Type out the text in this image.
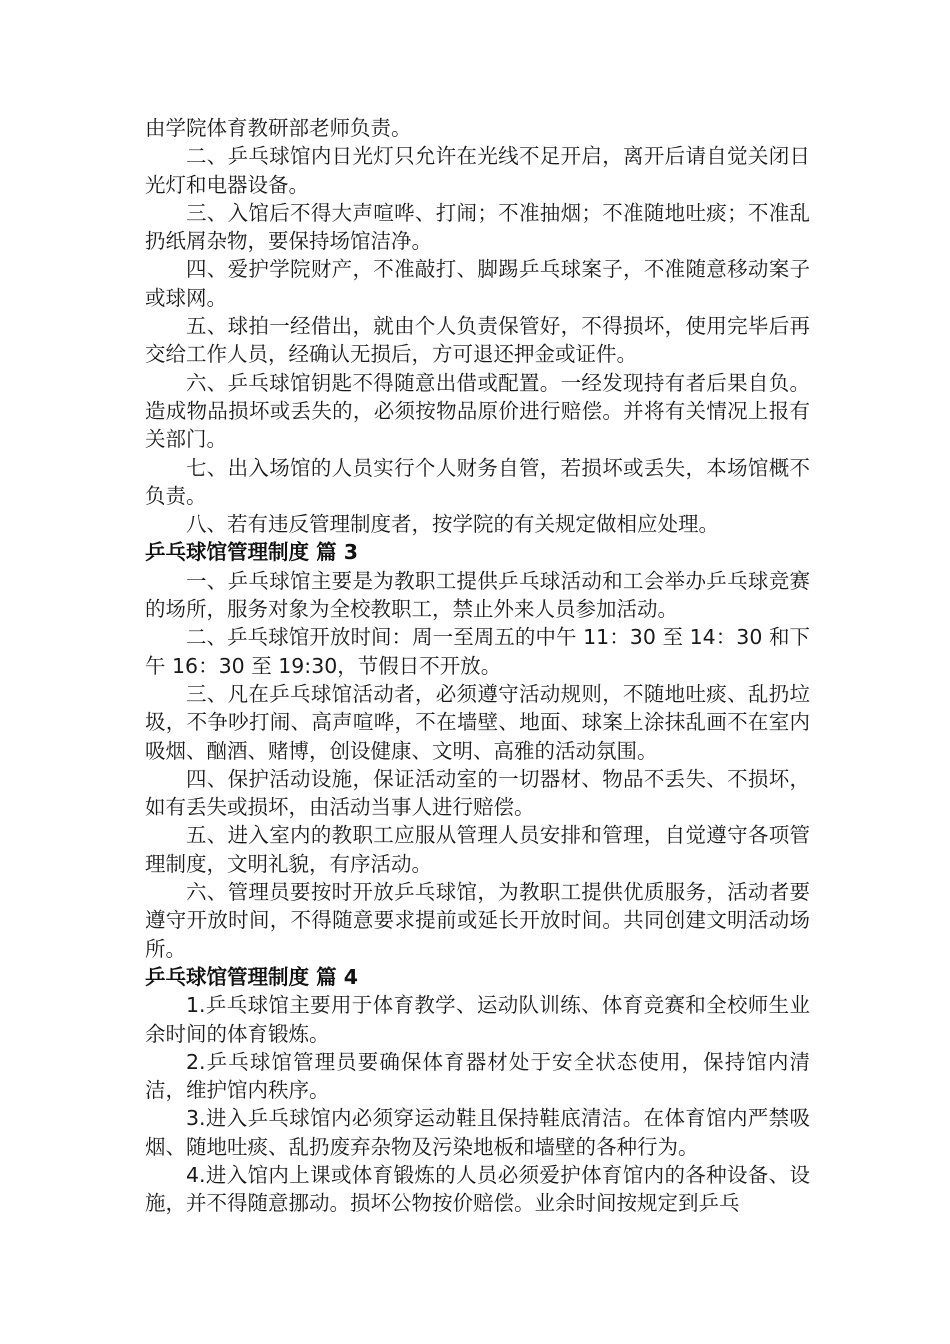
由学院体育教研部老师负责。

二、乒乓球馆内日光灯只允许在光线不足开启，离开后请自觉关闭日光灯和电器设备。

三、入馆后不得大声喧哗、打闹；不准抽烟；不准随地吐痰；不准乱扔纸屑杂物，要保持场馆洁净。

四、爱护学院财产，不准敲打、脚踢乒乓球案子，不准随意移动案子或球网。

五、球拍一经借出，就由个人负责保管好，不得损坏，使用完毕后再交给工作人员，经确认无损后，方可退还押金或证件。

六、乒乓球馆钥匙不得随意出借或配置。一经发现持有者后果自负。造成物品损坏或丢失的，必须按物品原价进行赔偿。并将有关情况上报有关部门。

七、出入场馆的人员实行个人财务自管，若损坏或丢失，本场馆概不负责。

八、若有违反管理制度者，按学院的有关规定做相应处理。

乒乓球馆管理制度 篇 3

一、乒乓球馆主要是为教职工提供乒乓球活动和工会举办乒乓球竞赛的场所，服务对象为全校教职工，禁止外来人员参加活动。

二、乒乓球馆开放时间：周一至周五的中午 11：30 至 14：30 和下午 16：30 至 19:30，节假日不开放。

三、凡在乒乓球馆活动者，必须遵守活动规则，不随地吐痰、乱扔垃圾，不争吵打闹、高声喧哗，不在墙壁、地面、球案上涂抹乱画不在室内吸烟、酗酒、赌博，创设健康、文明、高雅的活动氛围。

四、保护活动设施，保证活动室的一切器材、物品不丢失、不损坏，如有丢失或损坏，由活动当事人进行赔偿。

五、进入室内的教职工应服从管理人员安排和管理，自觉遵守各项管理制度，文明礼貌，有序活动。

六、管理员要按时开放乒乓球馆，为教职工提供优质服务，活动者要遵守开放时间，不得随意要求提前或延长开放时间。共同创建文明活动场所。

乒乓球馆管理制度 篇 4

1.乒乓球馆主要用于体育教学、运动队训练、体育竞赛和全校师生业余时间的体育锻炼。

2.乒乓球馆管理员要确保体育器材处于安全状态使用，保持馆内清洁，维护馆内秩序。

3.进入乒乓球馆内必须穿运动鞋且保持鞋底清洁。在体育馆内严禁吸烟、随地吐痰、乱扔废弃杂物及污染地板和墙壁的各种行为。

4.进入馆内上课或体育锻炼的人员必须爱护体育馆内的各种设备、设施，并不得随意挪动。损坏公物按价赔偿。业余时间按规定到乒乓
